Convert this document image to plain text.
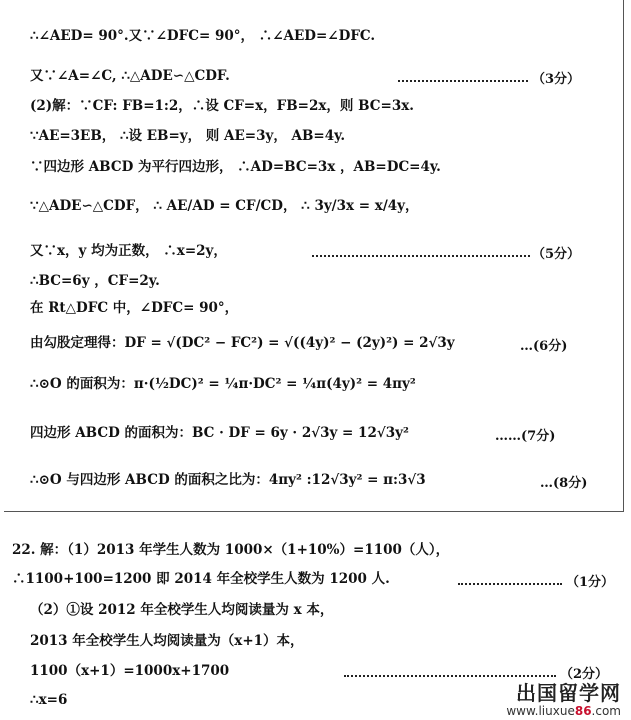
∴∠AED= 90°.又∵∠DFC= 90°， ∴∠AED=∠DFC.
又∵∠A=∠C, ∴△ADE∽△CDF.	（3分）
(2)解：∵CF: FB=1:2，∴设 CF=x，FB=2x，则 BC=3x.
∵AE=3EB， ∴设 EB=y， 则 AE=3y， AB=4y.
∵四边形 ABCD 为平行四边形， ∴AD=BC=3x ，AB=DC=4y.
∵△ADE∽△CDF， ∴ AE/AD = CF/CD， ∴ 3y/3x = x/4y，
又∵x，y 均为正数， ∴x=2y，	（5分）
∴BC=6y ，CF=2y.
在 Rt△DFC 中，∠DFC= 90°，
由勾股定理得：DF = √(DC² − FC²) = √((4y)² − (2y)²) = 2√3y	…(6分)
∴⊙O 的面积为：π·(½DC)² = ¼π·DC² = ¼π(4y)² = 4πy²
四边形 ABCD 的面积为：BC · DF = 6y · 2√3y = 12√3y²	……(7分)
∴⊙O 与四边形 ABCD 的面积之比为：4πy² :12√3y² = π:3√3	…(8分)
22. 解：（1）2013 年学生人数为 1000×（1+10%）=1100（人），
∴1100+100=1200 即 2014 年全校学生人数为 1200 人.	（1分）
（2）①设 2012 年全校学生人均阅读量为 x 本，
2013 年全校学生人均阅读量为（x+1）本，
1100（x+1）=1000x+1700	（2分）
∴x=6	出国留学网
www.liuxue86.com
